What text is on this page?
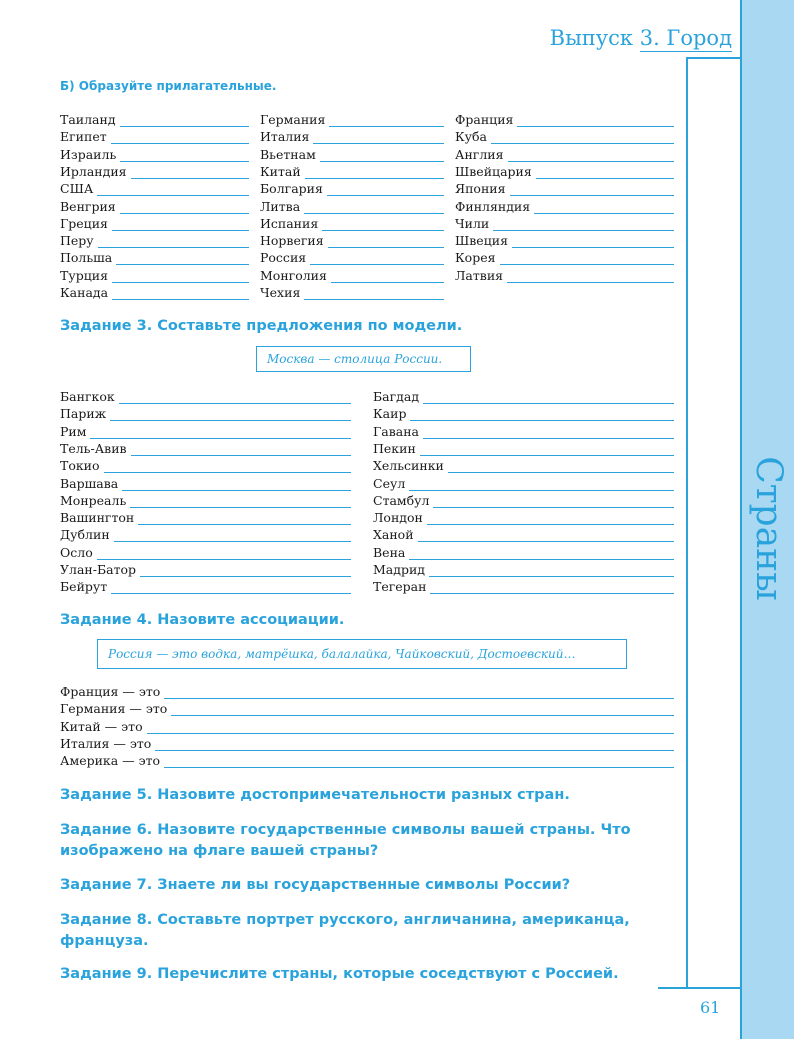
Страны
Выпуск 3. Город
Б) Образуйте прилагательные.
Таиланд
Египет
Израиль
Ирландия
США
Венгрия
Греция
Перу
Польша
Турция
Канада
Германия
Италия
Вьетнам
Китай
Болгария
Литва
Испания
Норвегия
Россия
Монголия
Чехия
Франция
Куба
Англия
Швейцария
Япония
Финляндия
Чили
Швеция
Корея
Латвия
Задание 3. Составьте предложения по модели.
Москва — столица России.
Бангкок
Париж
Рим
Тель-Авив
Токио
Варшава
Монреаль
Вашингтон
Дублин
Осло
Улан-Батор
Бейрут
Багдад
Каир
Гавана
Пекин
Хельсинки
Сеул
Стамбул
Лондон
Ханой
Вена
Мадрид
Тегеран
Задание 4. Назовите ассоциации.
Россия — это водка, матрёшка, балалайка, Чайковский, Достоевский…
Франция — это
Германия — это
Китай — это
Италия — это
Америка — это
Задание 5. Назовите достопримечательности разных стран.
Задание 6. Назовите государственные символы вашей страны. Что изображено на флаге вашей страны?
Задание 7. Знаете ли вы государственные символы России?
Задание 8. Составьте портрет русского, англичанина, американца, француза.
Задание 9. Перечислите страны, которые соседствуют с Россией.
61
